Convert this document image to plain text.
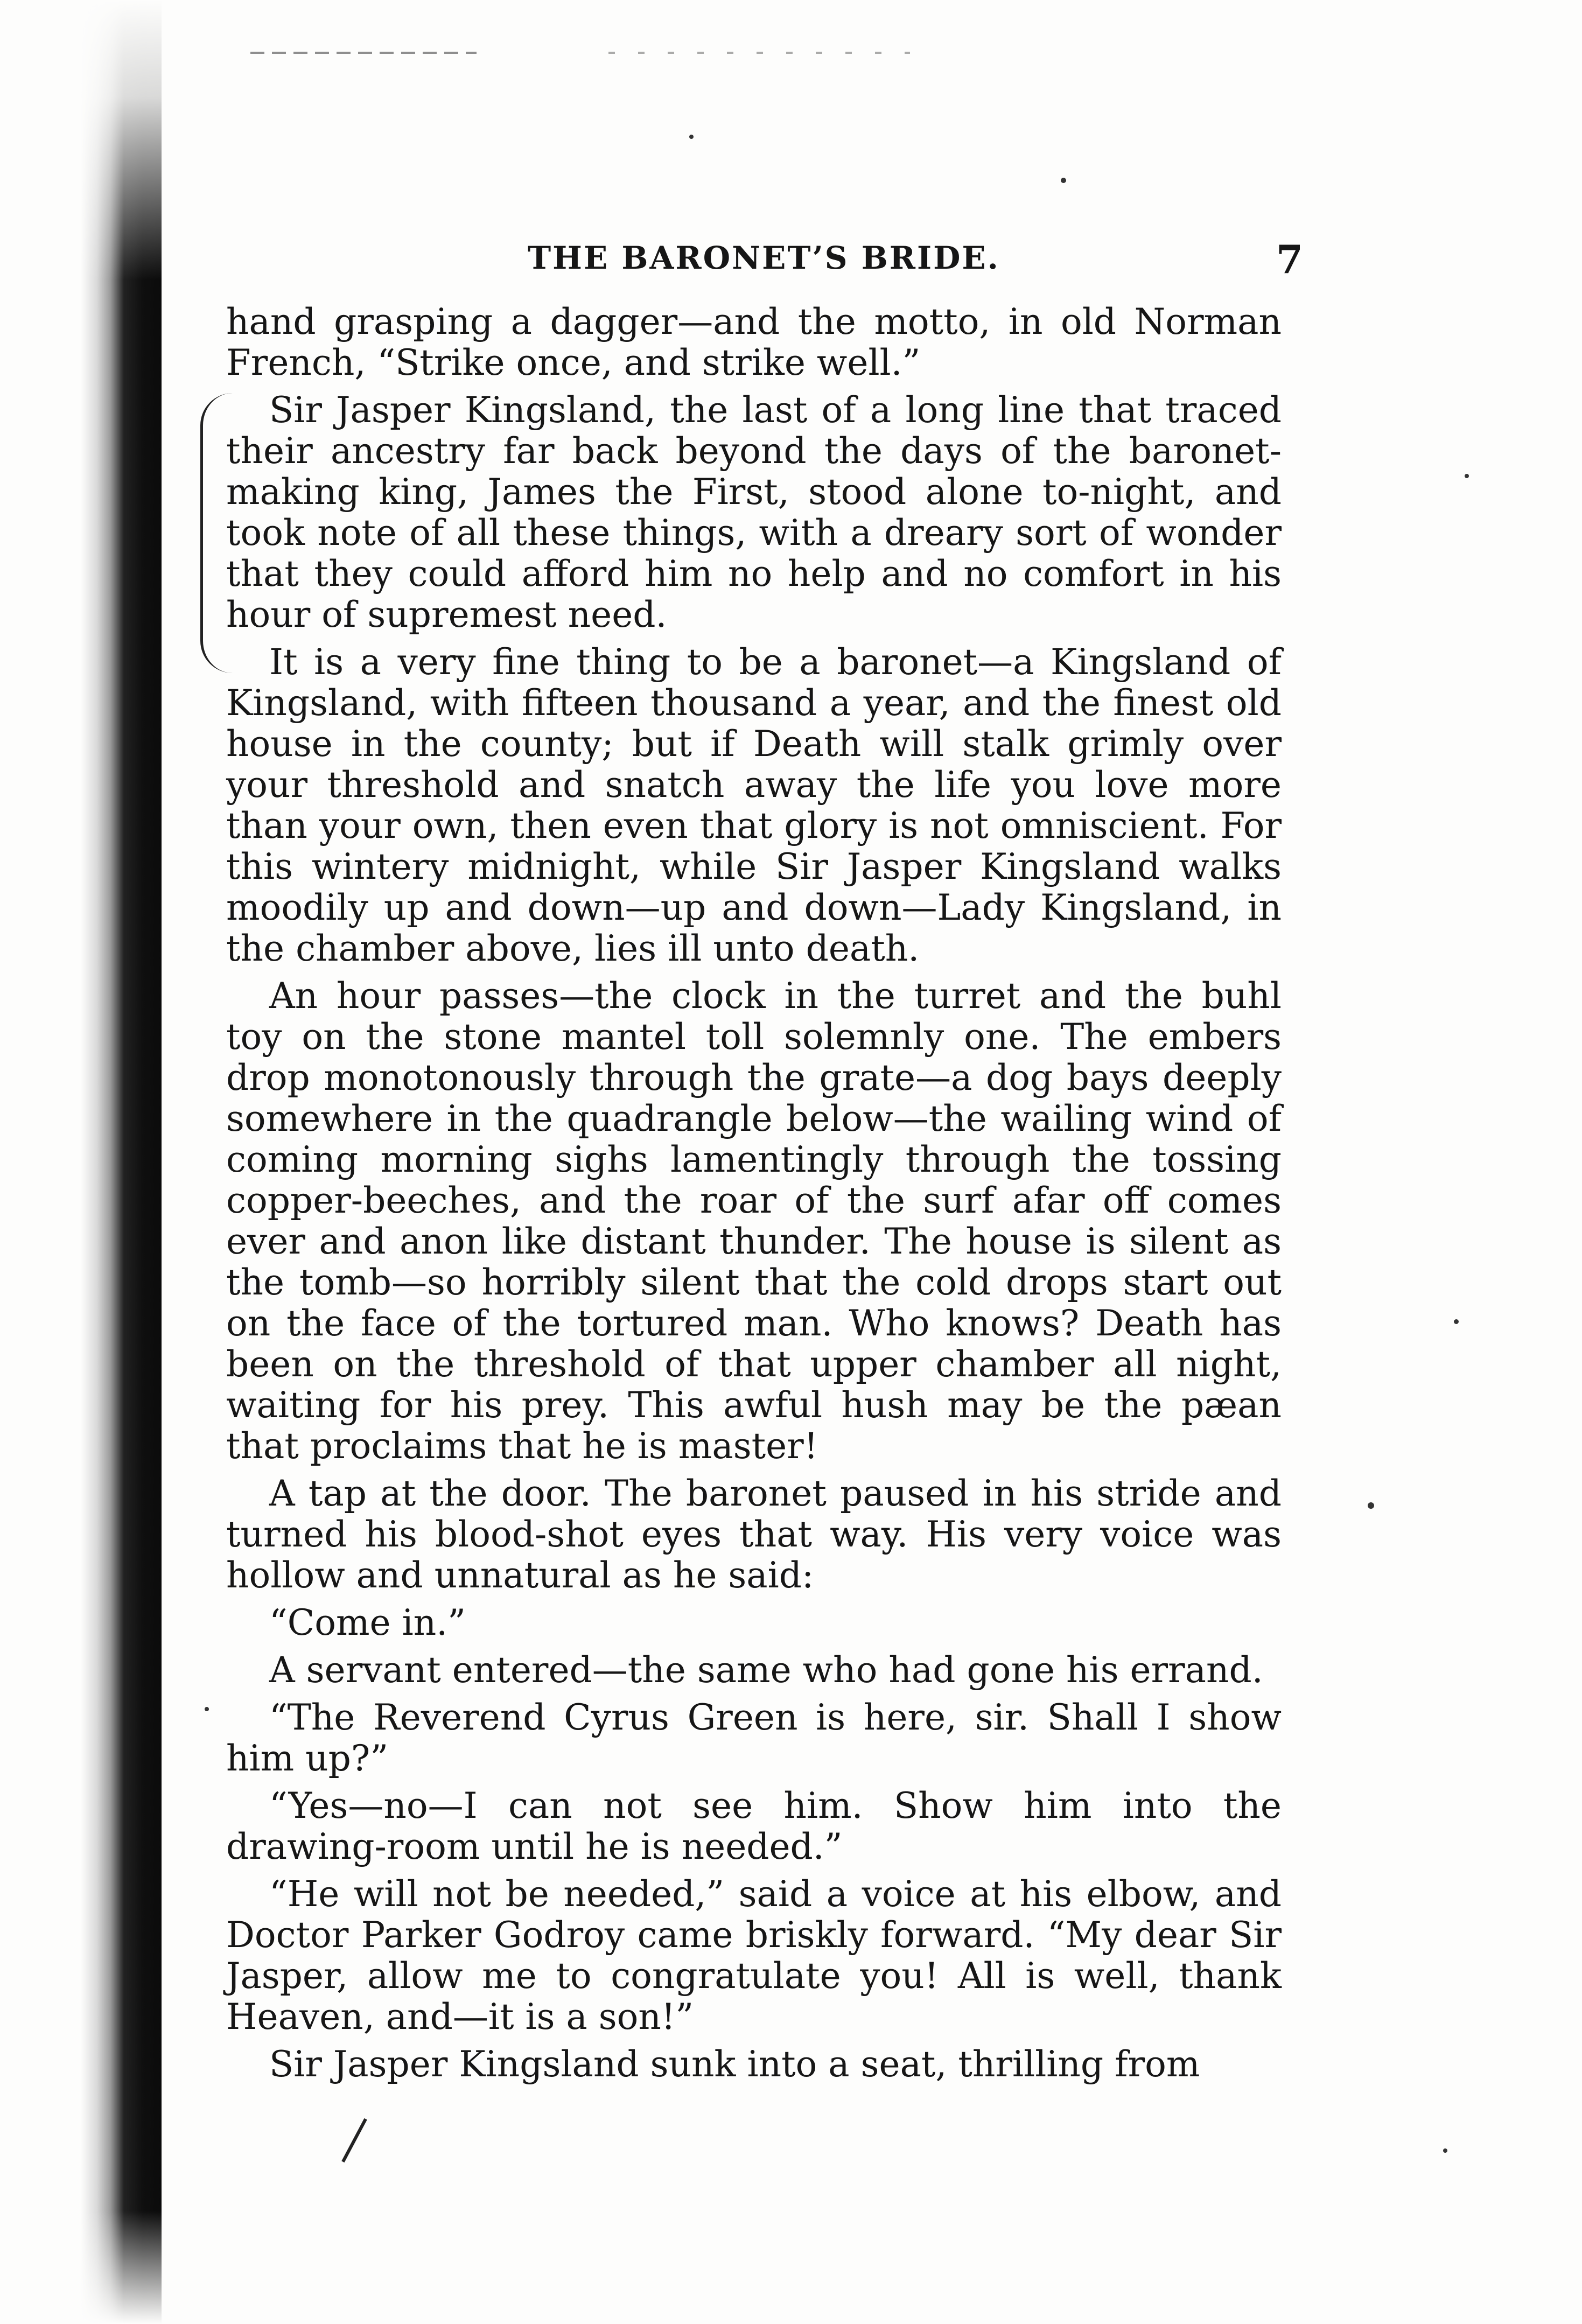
THE BARONET’S BRIDE.	7

hand grasping a dagger—and the motto, in old Norman French, “Strike once, and strike well.”

Sir Jasper Kingsland, the last of a long line that traced their ancestry far back beyond the days of the baronet-making king, James the First, stood alone to-night, and took note of all these things, with a dreary sort of wonder that they could afford him no help and no comfort in his hour of supremest need.

It is a very fine thing to be a baronet—a Kingsland of Kingsland, with fifteen thousand a year, and the finest old house in the county; but if Death will stalk grimly over your threshold and snatch away the life you love more than your own, then even that glory is not omniscient. For this wintery midnight, while Sir Jasper Kingsland walks moodily up and down—up and down—Lady Kingsland, in the chamber above, lies ill unto death.

An hour passes—the clock in the turret and the buhl toy on the stone mantel toll solemnly one. The embers drop monotonously through the grate—a dog bays deeply somewhere in the quadrangle below—the wailing wind of coming morning sighs lamentingly through the tossing copper-beeches, and the roar of the surf afar off comes ever and anon like distant thunder. The house is silent as the tomb—so horribly silent that the cold drops start out on the face of the tortured man. Who knows? Death has been on the threshold of that upper chamber all night, waiting for his prey. This awful hush may be the pæan that proclaims that he is master!

A tap at the door. The baronet paused in his stride and turned his blood-shot eyes that way. His very voice was hollow and unnatural as he said:

“Come in.”

A servant entered—the same who had gone his errand.

“The Reverend Cyrus Green is here, sir. Shall I show him up?”

“Yes—no—I can not see him. Show him into the drawing-room until he is needed.”

“He will not be needed,” said a voice at his elbow, and Doctor Parker Godroy came briskly forward. “My dear Sir Jasper, allow me to congratulate you! All is well, thank Heaven, and—it is a son!”

Sir Jasper Kingsland sunk into a seat, thrilling from
